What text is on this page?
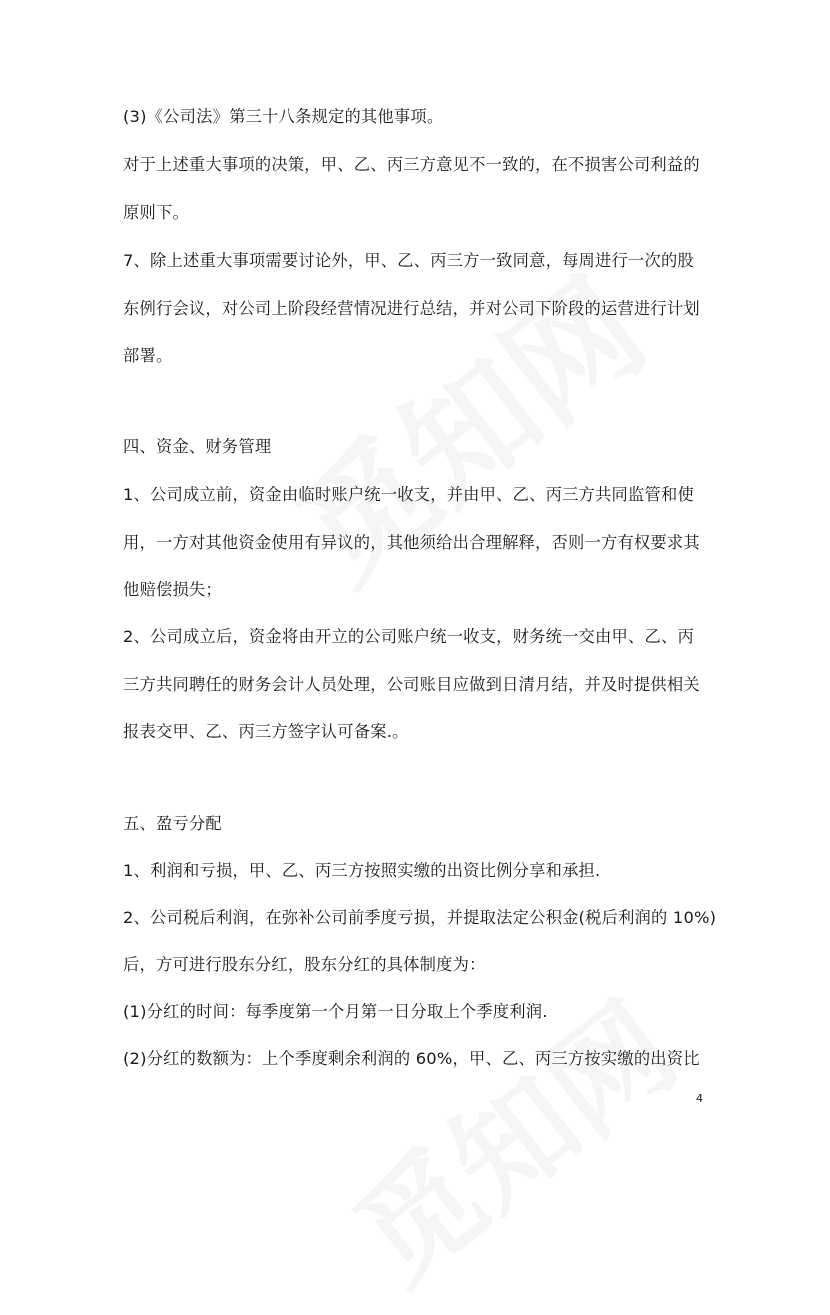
(3)《公司法》第三十八条规定的其他事项。
对于上述重大事项的决策，甲、乙、丙三方意见不一致的，在不损害公司利益的
原则下。
7、除上述重大事项需要讨论外，甲、乙、丙三方一致同意，每周进行一次的股
东例行会议，对公司上阶段经营情况进行总结，并对公司下阶段的运营进行计划
部署。
四、资金、财务管理
1、公司成立前，资金由临时账户统一收支，并由甲、乙、丙三方共同监管和使
用，一方对其他资金使用有异议的，其他须给出合理解释，否则一方有权要求其
他赔偿损失；
2、公司成立后，资金将由开立的公司账户统一收支，财务统一交由甲、乙、丙
三方共同聘任的财务会计人员处理，公司账目应做到日清月结，并及时提供相关
报表交甲、乙、丙三方签字认可备案.。
五、盈亏分配
1、利润和亏损，甲、乙、丙三方按照实缴的出资比例分享和承担.
2、公司税后利润，在弥补公司前季度亏损，并提取法定公积金(税后利润的 10%)
后，方可进行股东分红，股东分红的具体制度为：
(1)分红的时间：每季度第一个月第一日分取上个季度利润.
(2)分红的数额为：上个季度剩余利润的 60%，甲、乙、丙三方按实缴的出资比
4
